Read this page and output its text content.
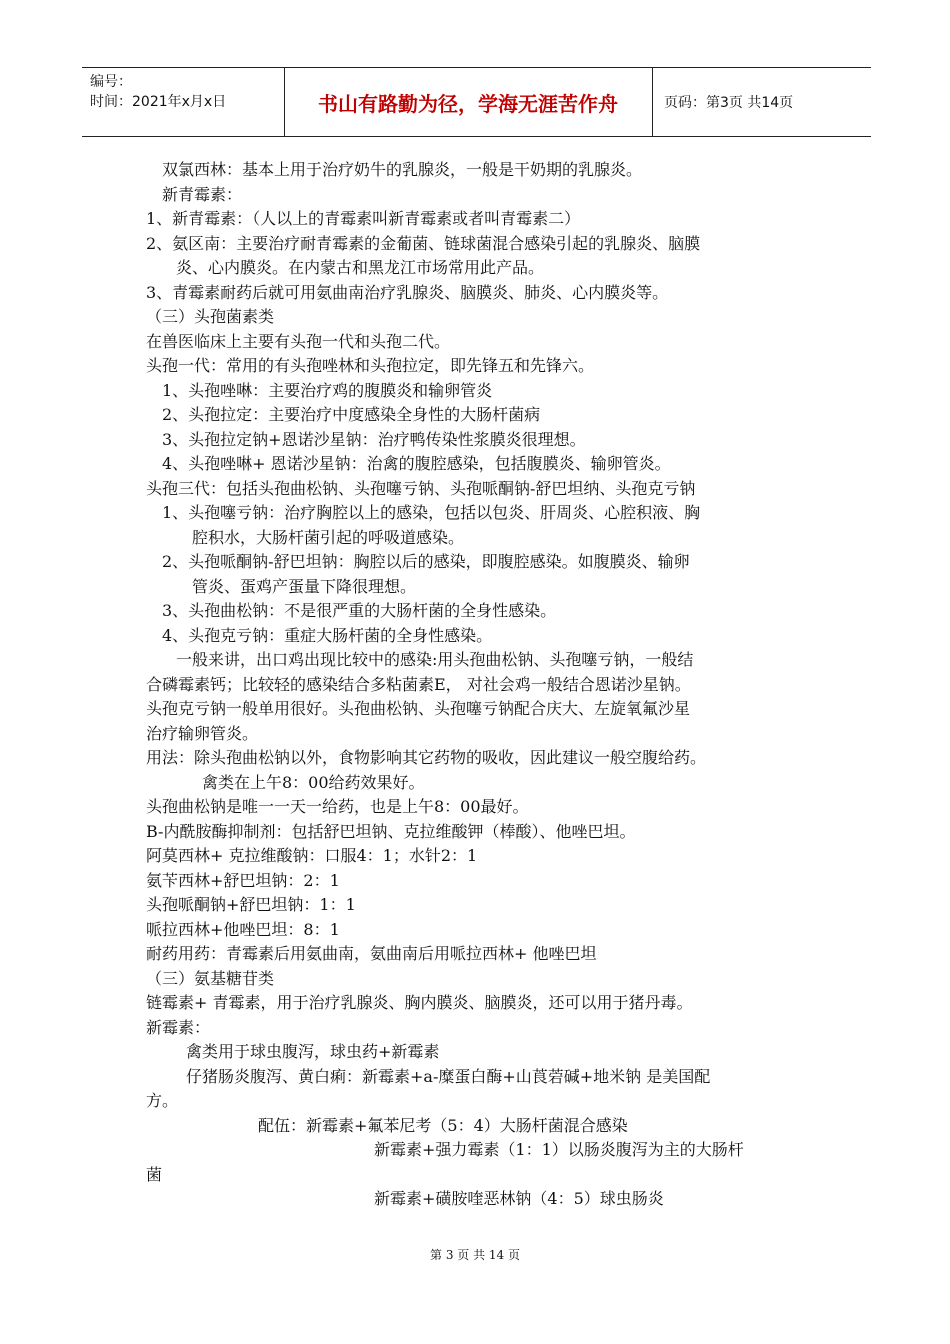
编号：
时间：2021年x月x日	书山有路勤为径，学海无涯苦作舟	页码：第3页 共14页
双氯西林：基本上用于治疗奶牛的乳腺炎，一般是干奶期的乳腺炎。
新青霉素：
1、新青霉素：（人以上的青霉素叫新青霉素或者叫青霉素二）
2、氨区南：主要治疗耐青霉素的金葡菌、链球菌混合感染引起的乳腺炎、脑膜
炎、心内膜炎。在内蒙古和黑龙江市场常用此产品。
3、青霉素耐药后就可用氨曲南治疗乳腺炎、脑膜炎、肺炎、心内膜炎等。
（三）头孢菌素类
在兽医临床上主要有头孢一代和头孢二代。
头孢一代：常用的有头孢唑林和头孢拉定，即先锋五和先锋六。
1、头孢唑啉：主要治疗鸡的腹膜炎和输卵管炎
2、头孢拉定：主要治疗中度感染全身性的大肠杆菌病
3、头孢拉定钠+恩诺沙星钠：治疗鸭传染性浆膜炎很理想。
4、头孢唑啉+ 恩诺沙星钠：治禽的腹腔感染，包括腹膜炎、输卵管炎。
头孢三代：包括头孢曲松钠、头孢噻亏钠、头孢哌酮钠-舒巴坦纳、头孢克亏钠
1、头孢噻亏钠：治疗胸腔以上的感染，包括以包炎、肝周炎、心腔积液、胸
腔积水，大肠杆菌引起的呼吸道感染。
2、头孢哌酮钠-舒巴坦钠：胸腔以后的感染，即腹腔感染。如腹膜炎、输卵
管炎、蛋鸡产蛋量下降很理想。
3、头孢曲松钠：不是很严重的大肠杆菌的全身性感染。
4、头孢克亏钠：重症大肠杆菌的全身性感染。
一般来讲，出口鸡出现比较中的感染:用头孢曲松钠、头孢噻亏钠，一般结
合磷霉素钙；比较轻的感染结合多粘菌素E， 对社会鸡一般结合恩诺沙星钠。
头孢克亏钠一般单用很好。头孢曲松钠、头孢噻亏钠配合庆大、左旋氧氟沙星
治疗输卵管炎。
用法：除头孢曲松钠以外，食物影响其它药物的吸收，因此建议一般空腹给药。
禽类在上午8：00给药效果好。
头孢曲松钠是唯一一天一给药，也是上午8：00最好。
B-内酰胺酶抑制剂：包括舒巴坦钠、克拉维酸钾（棒酸）、他唑巴坦。
阿莫西林+ 克拉维酸钠：口服4：1；水针2：1
氨苄西林+舒巴坦钠：2：1
头孢哌酮钠+舒巴坦钠：1：1
哌拉西林+他唑巴坦：8：1
耐药用药：青霉素后用氨曲南，氨曲南后用哌拉西林+ 他唑巴坦
（三）氨基糖苷类
链霉素+ 青霉素，用于治疗乳腺炎、胸内膜炎、脑膜炎，还可以用于猪丹毒。
新霉素：
禽类用于球虫腹泻，球虫药+新霉素
仔猪肠炎腹泻、黄白痢：新霉素+a-糜蛋白酶+山莨菪碱+地米钠 是美国配
方。
配伍：新霉素+氟苯尼考（5：4）大肠杆菌混合感染
新霉素+强力霉素（1：1）以肠炎腹泻为主的大肠杆
菌
新霉素+磺胺喹恶林钠（4：5）球虫肠炎
第 3 页 共 14 页
